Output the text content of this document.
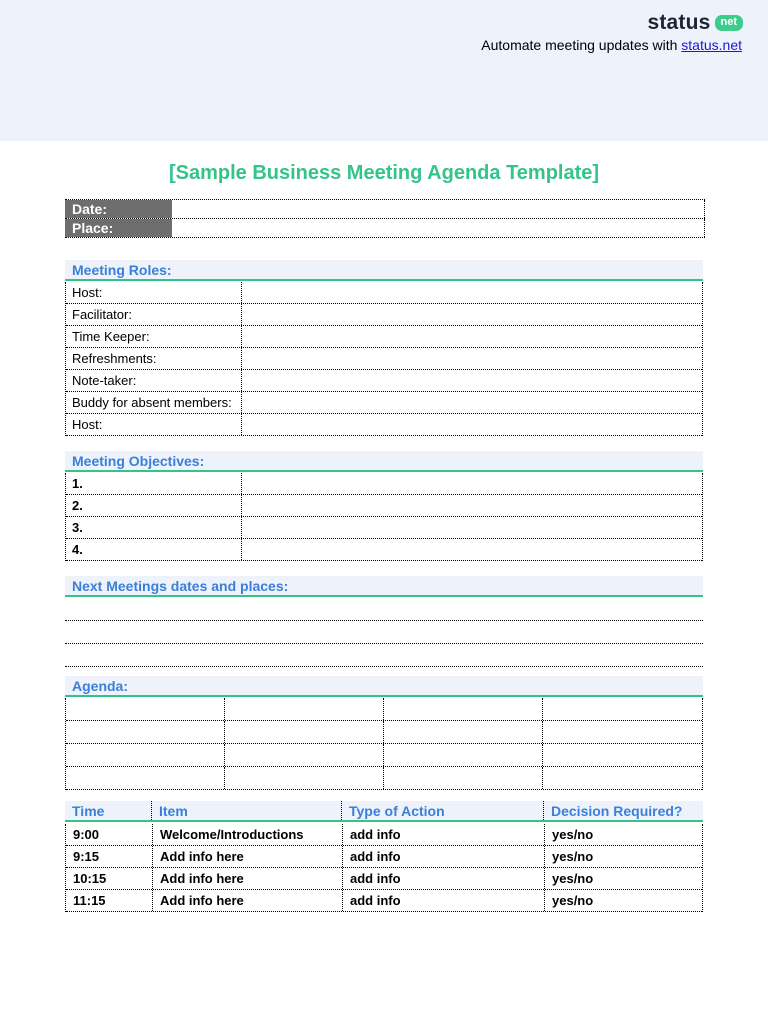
status net
Automate meeting updates with status.net
[Sample Business Meeting Agenda Template]
Date:
Place:
Meeting Roles:
Host:
Facilitator:
Time Keeper:
Refreshments:
Note-taker:
Buddy for absent members:
Host:
Meeting Objectives:
1.
2.
3.
4.
Next Meetings dates and places:
Agenda:
Time	Item	Type of Action	Decision Required?
9:00	Welcome/Introductions	add info	yes/no
9:15	Add info here	add info	yes/no
10:15	Add info here	add info	yes/no
11:15	Add info here	add info	yes/no
